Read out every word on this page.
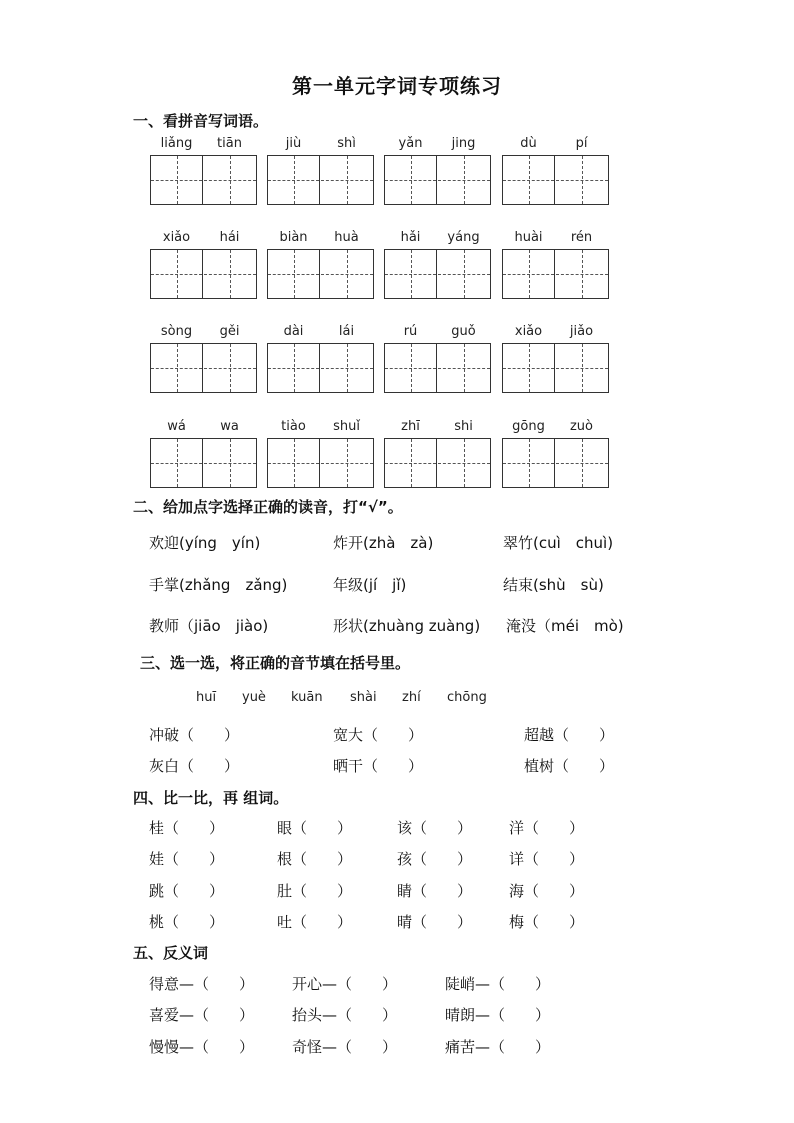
第一单元字词专项练习
一、看拼音写词语。
liǎng	tiān	jiù	shì	yǎn	jing	dù	pí
xiǎo	hái	biàn	huà	hǎi	yáng	huài	rén
sòng	gěi	dài	lái	rú	guǒ	xiǎo	jiǎo
wá	wa	tiào	shuǐ	zhī	shi	gōng	zuò
二、给加点字选择正确的读音，打“√”。
欢迎(yíng　yín)	炸开(zhà　zà)	翠竹(cuì　chuì)
手掌(zhǎng　zǎng)	年级(jí　jǐ)	结束(shù　sù)
教师（jiāo　jiào)	形状(zhuàng zuàng) 淹没（méi　mò)
三、选一选，将正确的音节填在括号里。
huī yuè kuān shài zhí chōng
冲破（　　）	宽大（　　）	超越（　　）
灰白（　　）	晒干（　　）	植树（　　）
四、比一比，再 组词。
桂（　　）	眼（　　）	该（　　） 洋（　　）
娃（　　）	根（　　）	孩（　　） 详（　　）
跳（　　）	肚（　　）	睛（　　） 海（　　）
桃（　　）	吐（　　）	晴（　　） 梅（　　）
五、反义词
得意—（　　）	开心—（　　）	陡峭—（　　）
喜爱—（　　）	抬头—（　　）	晴朗—（　　）
慢慢—（　　）	奇怪—（　　）	痛苦—（　　）
